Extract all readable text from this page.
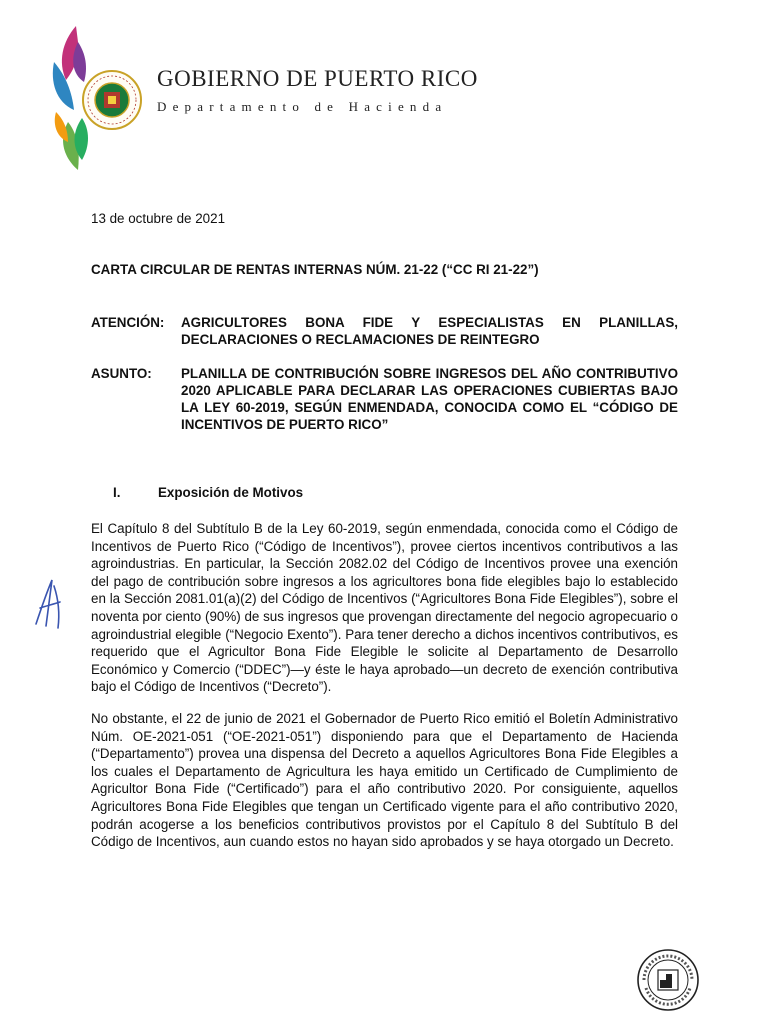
GOBIERNO DE PUERTO RICO
Departamento de Hacienda
13 de octubre de 2021
CARTA CIRCULAR DE RENTAS INTERNAS NÚM. 21-22 (“CC RI 21-22”)
ATENCIÓN: AGRICULTORES BONA FIDE Y ESPECIALISTAS EN PLANILLAS, DECLARACIONES O RECLAMACIONES DE REINTEGRO
ASUNTO: PLANILLA DE CONTRIBUCIÓN SOBRE INGRESOS DEL AÑO CONTRIBUTIVO 2020 APLICABLE PARA DECLARAR LAS OPERACIONES CUBIERTAS BAJO LA LEY 60-2019, SEGÚN ENMENDADA, CONOCIDA COMO EL “CÓDIGO DE INCENTIVOS DE PUERTO RICO”
I.	Exposición de Motivos
El Capítulo 8 del Subtítulo B de la Ley 60-2019, según enmendada, conocida como el Código de Incentivos de Puerto Rico (“Código de Incentivos”), provee ciertos incentivos contributivos a las agroindustrias. En particular, la Sección 2082.02 del Código de Incentivos provee una exención del pago de contribución sobre ingresos a los agricultores bona fide elegibles bajo lo establecido en la Sección 2081.01(a)(2) del Código de Incentivos (“Agricultores Bona Fide Elegibles”), sobre el noventa por ciento (90%) de sus ingresos que provengan directamente del negocio agropecuario o agroindustrial elegible (“Negocio Exento”). Para tener derecho a dichos incentivos contributivos, es requerido que el Agricultor Bona Fide Elegible le solicite al Departamento de Desarrollo Económico y Comercio (“DDEC”)—y éste le haya aprobado—un decreto de exención contributiva bajo el Código de Incentivos (“Decreto”).
No obstante, el 22 de junio de 2021 el Gobernador de Puerto Rico emitió el Boletín Administrativo Núm. OE-2021-051 (“OE-2021-051”) disponiendo para que el Departamento de Hacienda (“Departamento”) provea una dispensa del Decreto a aquellos Agricultores Bona Fide Elegibles a los cuales el Departamento de Agricultura les haya emitido un Certificado de Cumplimiento de Agricultor Bona Fide (“Certificado”) para el año contributivo 2020. Por consiguiente, aquellos Agricultores Bona Fide Elegibles que tengan un Certificado vigente para el año contributivo 2020, podrán acogerse a los beneficios contributivos provistos por el Capítulo 8 del Subtítulo B del Código de Incentivos, aun cuando estos no hayan sido aprobados y se haya otorgado un Decreto.
